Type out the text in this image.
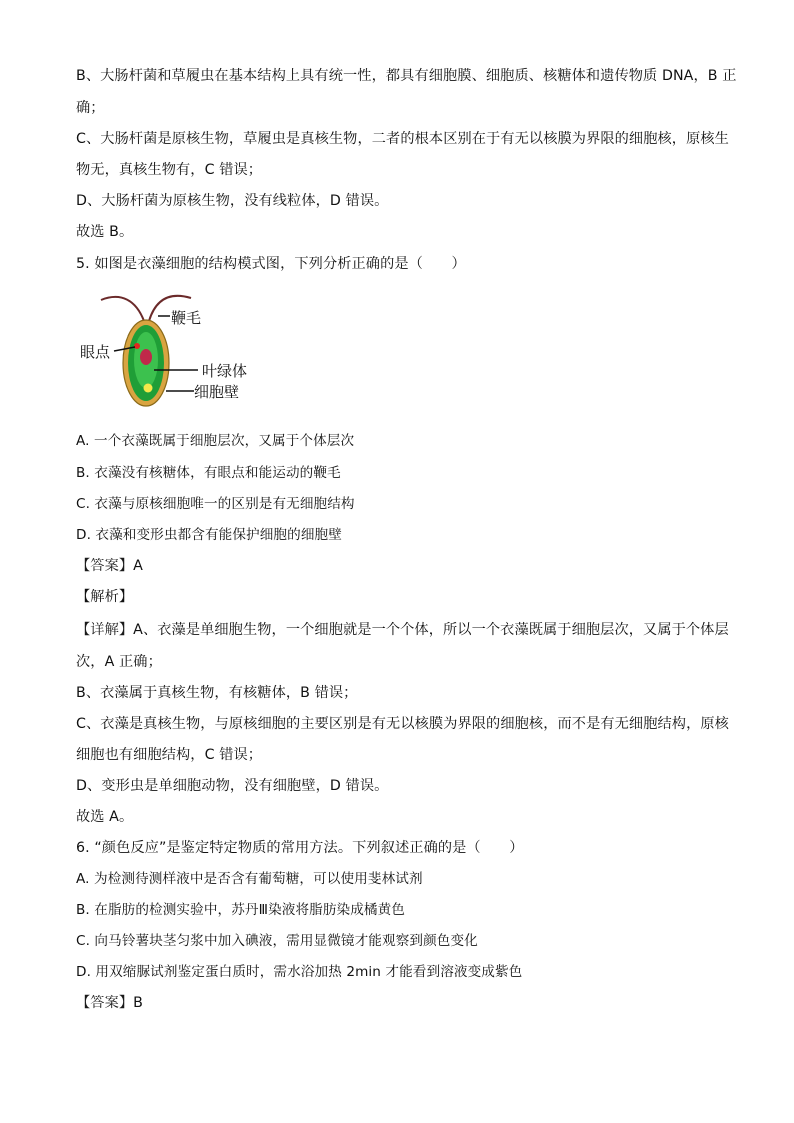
B、大肠杆菌和草履虫在基本结构上具有统一性，都具有细胞膜、细胞质、核糖体和遗传物质 DNA，B 正
确；
C、大肠杆菌是原核生物，草履虫是真核生物，二者的根本区别在于有无以核膜为界限的细胞核，原核生
物无，真核生物有，C 错误；
D、大肠杆菌为原核生物，没有线粒体，D 错误。
故选 B。
5. 如图是衣藻细胞的结构模式图，下列分析正确的是（　　）
鞭毛
眼点
叶绿体
细胞壁
A. 一个衣藻既属于细胞层次，又属于个体层次
B. 衣藻没有核糖体，有眼点和能运动的鞭毛
C. 衣藻与原核细胞唯一的区别是有无细胞结构
D. 衣藻和变形虫都含有能保护细胞的细胞壁
【答案】A
【解析】
【详解】A、衣藻是单细胞生物，一个细胞就是一个个体，所以一个衣藻既属于细胞层次，又属于个体层
次，A 正确；
B、衣藻属于真核生物，有核糖体，B 错误；
C、衣藻是真核生物，与原核细胞的主要区别是有无以核膜为界限的细胞核，而不是有无细胞结构，原核
细胞也有细胞结构，C 错误；
D、变形虫是单细胞动物，没有细胞壁，D 错误。
故选 A。
6. “颜色反应”是鉴定特定物质的常用方法。下列叙述正确的是（　　）
A. 为检测待测样液中是否含有葡萄糖，可以使用斐林试剂
B. 在脂肪的检测实验中，苏丹Ⅲ染液将脂肪染成橘黄色
C. 向马铃薯块茎匀浆中加入碘液，需用显微镜才能观察到颜色变化
D. 用双缩脲试剂鉴定蛋白质时，需水浴加热 2min 才能看到溶液变成紫色
【答案】B
